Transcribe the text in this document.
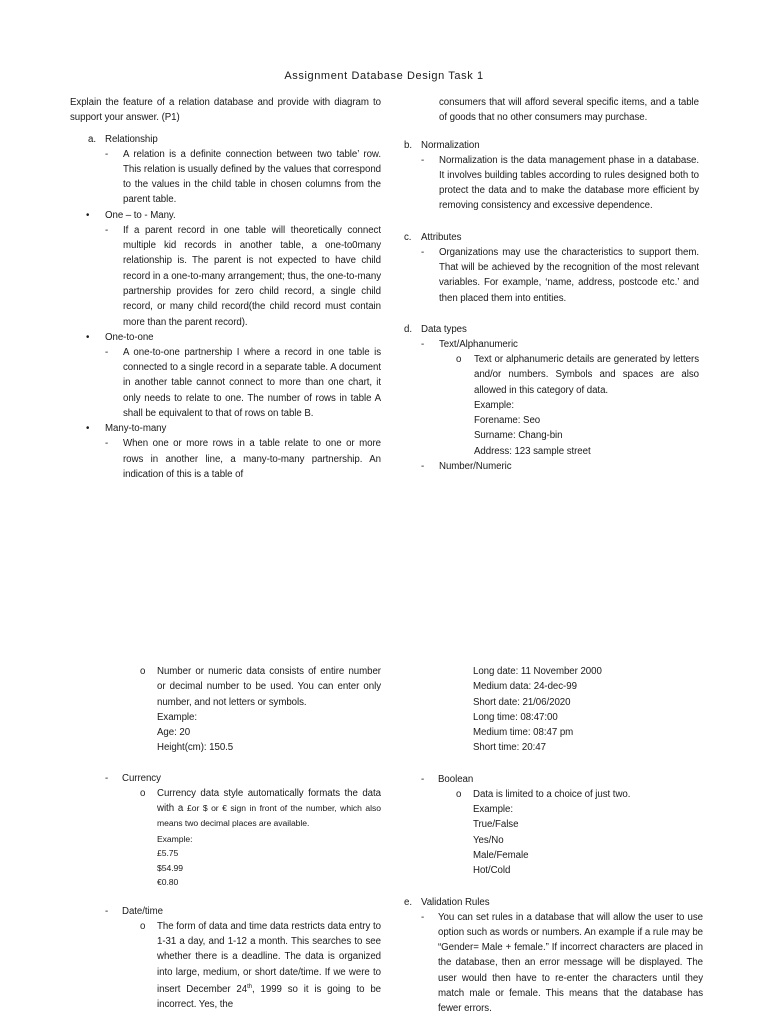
Assignment Database Design Task 1

Explain the feature of a relation database and provide with diagram to support your answer. (P1)

a. Relationship
- A relation is a definite connection between two table’ row. This relation is usually defined by the values that correspond to the values in the child table in chosen columns from the parent table.

• One – to - Many.
- If a parent record in one table will theoretically connect multiple kid records in another table, a one-to0many relationship is. The parent is not expected to have child record in a one-to-many arrangement; thus, the one-to-many partnership provides for zero child record, a single child record, or many child record(the child record must contain more than the parent record).

• One-to-one
- A one-to-one partnership I where a record in one table is connected to a single record in a separate table. A document in another table cannot connect to more than one chart, it only needs to relate to one. The number of rows in table A shall be equivalent to that of rows on table B.

• Many-to-many
- When one or more rows in a table relate to one or more rows in another line, a many-to-many partnership. An indication of this is a table of

consumers that will afford several specific items, and a table of goods that no other consumers may purchase.

b. Normalization
- Normalization is the data management phase in a database. It involves building tables according to rules designed both to protect the data and to make the database more efficient by removing consistency and excessive dependence.

c. Attributes
- Organizations may use the characteristics to support them. That will be achieved by the recognition of the most relevant variables. For example, ‘name, address, postcode etc.’ and then placed them into entities.

d. Data types
- Text/Alphanumeric
o Text or alphanumeric details are generated by letters and/or numbers. Symbols and spaces are also allowed in this category of data.

Example:

Forename: Seo

Surname: Chang-bin

Address: 123 sample street

- Number/Numeric
o Number or numeric data consists of entire number or decimal number to be used. You can enter only number, and not letters or symbols.

Example:

Age: 20

Height(cm): 150.5

- Currency
o Currency data style automatically formats the data with a £or $ or € sign in front of the number, which also means two decimal places are available.

Example:

£5.75

$54.99

€0.80

- Date/time
o The form of data and time data restricts data entry to 1-31 a day, and 1-12 a month. This searches to see whether there is a deadline. The data is organized into large, medium, or short date/time. If we were to insert December 24th, 1999 so it is going to be incorrect. Yes, the

Long date: 11 November 2000

Medium data: 24-dec-99

Short date: 21/06/2020

Long time: 08:47:00

Medium time: 08:47 pm

Short time: 20:47

- Boolean
o Data is limited to a choice of just two.

Example:

True/False

Yes/No

Male/Female

Hot/Cold

e. Validation Rules
- You can set rules in a database that will allow the user to use option such as words or numbers. An example if a rule may be “Gender= Male + female.” If incorrect characters are placed in the database, then an error message will be displayed. The user would then have to re-enter the characters until they match male or female. This means that the database has fewer errors.
